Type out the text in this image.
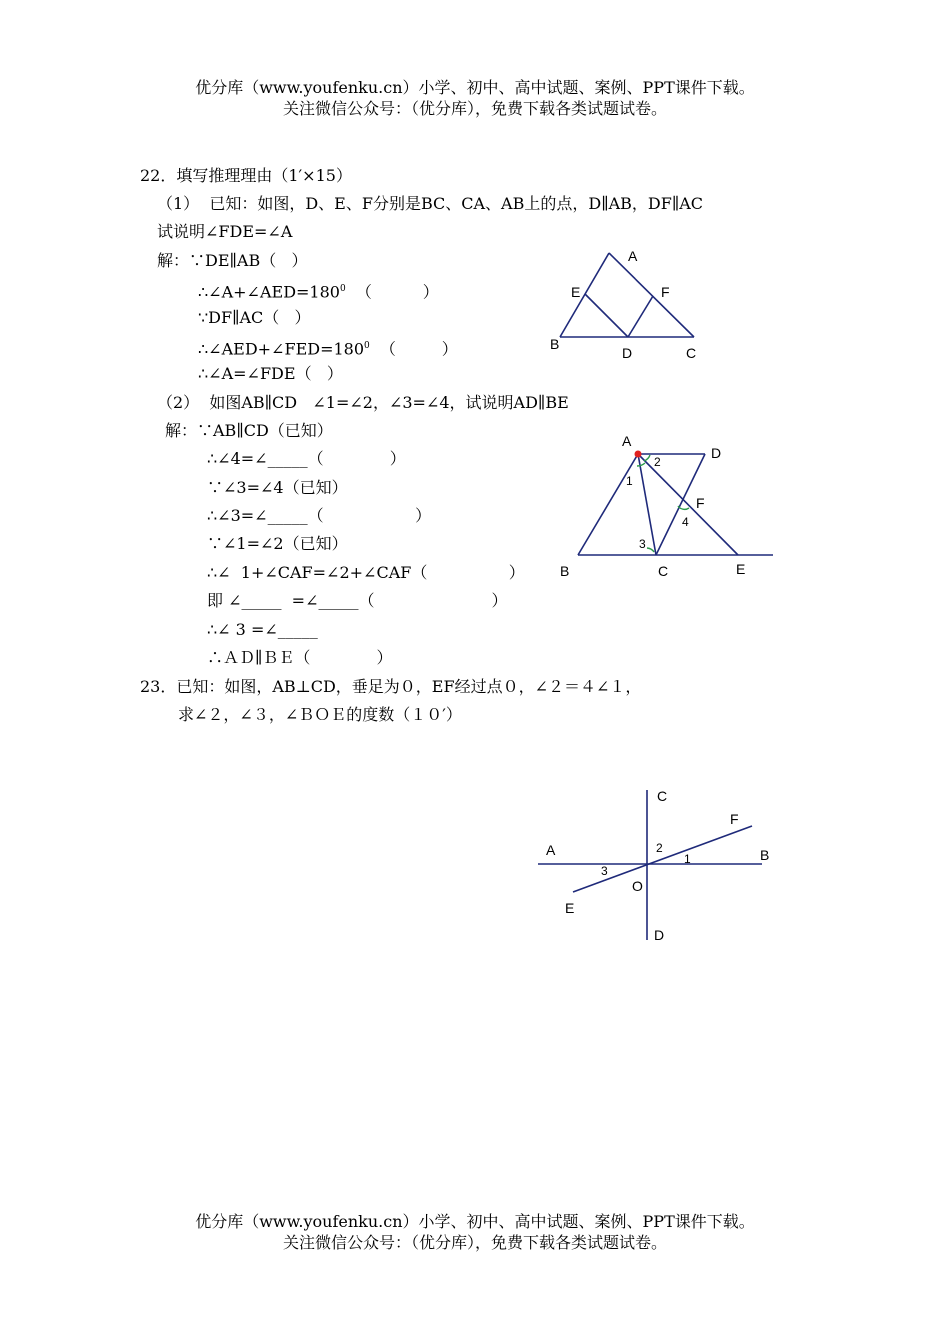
优分库（www.youfenku.cn）小学、初中、高中试题、案例、PPT课件下载。
关注微信公众号：（优分库），免费下载各类试题试卷。
22．填写推理理由（1′×15）
（1）  已知：如图，D、E、F分别是BC、CA、AB上的点，D∥AB，DF∥AC
试说明∠FDE=∠A
解：∵DE∥AB（   ）
$\therefore\angle A+\angle AED=180^0$ （          ）
∵DF∥AC（   ）
$\therefore\angle AED+\angle FED=180^0$ （         ）
∴∠A=∠FDE（   ）
A
E	F
B
D	C
（2）  如图AB∥CD   ∠1=∠2，∠3=∠4，试说明AD∥BE
解：∵AB∥CD（已知）
∴∠4=∠_____（             ）
∵∠3=∠4（已知）
∴∠3=∠_____（                  ）
∵∠1=∠2（已知）
∴∠  1+∠CAF=∠2+∠CAF（                ）
即 ∠_____  =∠_____（                       ）
∴∠ 3 =∠_____
∴ＡＤ∥ＢＥ（             ）
A
D
F
B	C	E
2
1
4
3
23．已知：如图，AB⊥CD，垂足为０，EF经过点０，∠２＝４∠１，
求∠２，∠３，∠ＢＯＥ的度数（１０′）
C
F
A	B
O
E
D
2
1
3
优分库（www.youfenku.cn）小学、初中、高中试题、案例、PPT课件下载。
关注微信公众号：（优分库），免费下载各类试题试卷。
